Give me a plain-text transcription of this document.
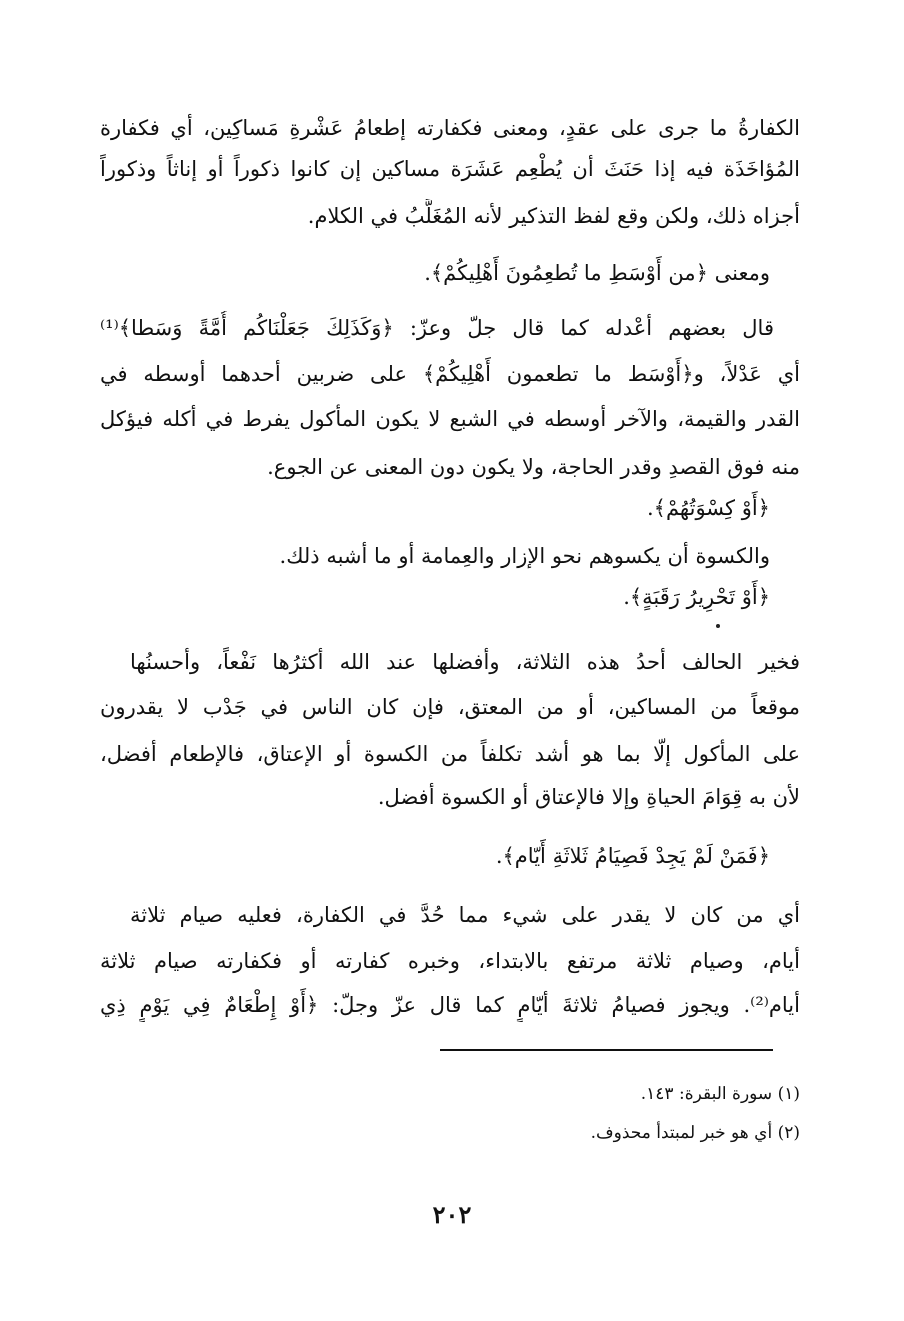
الكفارةُ ما جرى على عقدٍ، ومعنى فكفارته إطعامُ عَشْرةِ مَساكِين، أي فكفارة
المُؤاخَذَة فيه إذا حَنَثَ أن يُطْعِم عَشَرَة مساكين إن كانوا ذكوراً أو إناثاً وذكوراً
أجزاه ذلك، ولكن وقع لفظ التذكير لأنه المُغَلَّبُ في الكلام.
ومعنى ﴿من أَوْسَطِ ما تُطعِمُونَ أَهْلِيكُمْ﴾.
قال بعضهم أعْدله كما قال جلّ وعزّ: ﴿وَكَذَلِكَ جَعَلْنَاكُم أُمَّةً وَسَطا﴾⁽¹⁾
أي عَدْلاً، و﴿أَوْسَط ما تطعمون أَهْلِيكُمْ﴾ على ضربين أحدهما أوسطه في
القدر والقيمة، والآخر أوسطه في الشبع لا يكون المأكول يفرط في أكله فيؤكل
منه فوق القصدِ وقدر الحاجة، ولا يكون دون المعنى عن الجوع.
﴿أَوْ كِسْوَتُهُمْ﴾.
والكسوة أن يكسوهم نحو الإزار والعِمامة أو ما أشبه ذلك.
﴿أَوْ تَحْرِيرُ رَقَبَةٍ﴾.
فخير الحالف أحدُ هذه الثلاثة، وأفضلها عند الله أكثرُها نَفْعاً، وأحسنُها
موقعاً من المساكين، أو من المعتق، فإن كان الناس في جَدْب لا يقدرون
على المأكول إلّا بما هو أشد تكلفاً من الكسوة أو الإعتاق، فالإطعام أفضل،
لأن به قِوَامَ الحياةِ وإلا فالإعتاق أو الكسوة أفضل.
﴿فَمَنْ لَمْ يَجِدْ فَصِيَامُ ثَلاثَةِ أَيّام﴾.
أي من كان لا يقدر على شيء مما حُدَّ في الكفارة، فعليه صيام ثلاثة
أيام، وصيام ثلاثة مرتفع بالابتداء، وخبره كفارته أو فكفارته صيام ثلاثة
أيام⁽²⁾. ويجوز فصيامُ ثلاثةَ أيّامٍ كما قال عزّ وجلّ: ﴿أَوْ إِطْعَامٌ فِي يَوْمٍ ذِي
(١) سورة البقرة: ١٤٣.
(٢) أي هو خبر لمبتدأ محذوف.
٢٠٢
